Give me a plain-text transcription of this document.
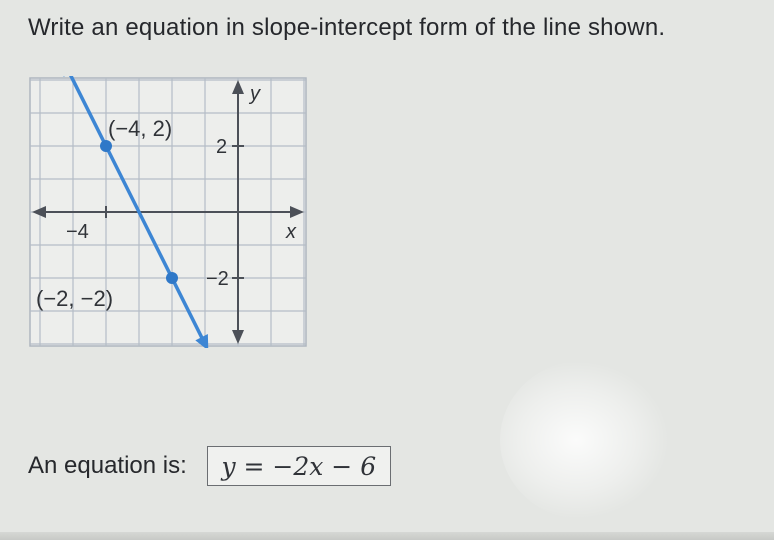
Write an equation in slope-intercept form of the line shown.
y
x
2
−2
−4
(−4, 2)
(−2, −2)
An equation is:	y = −2x − 6
